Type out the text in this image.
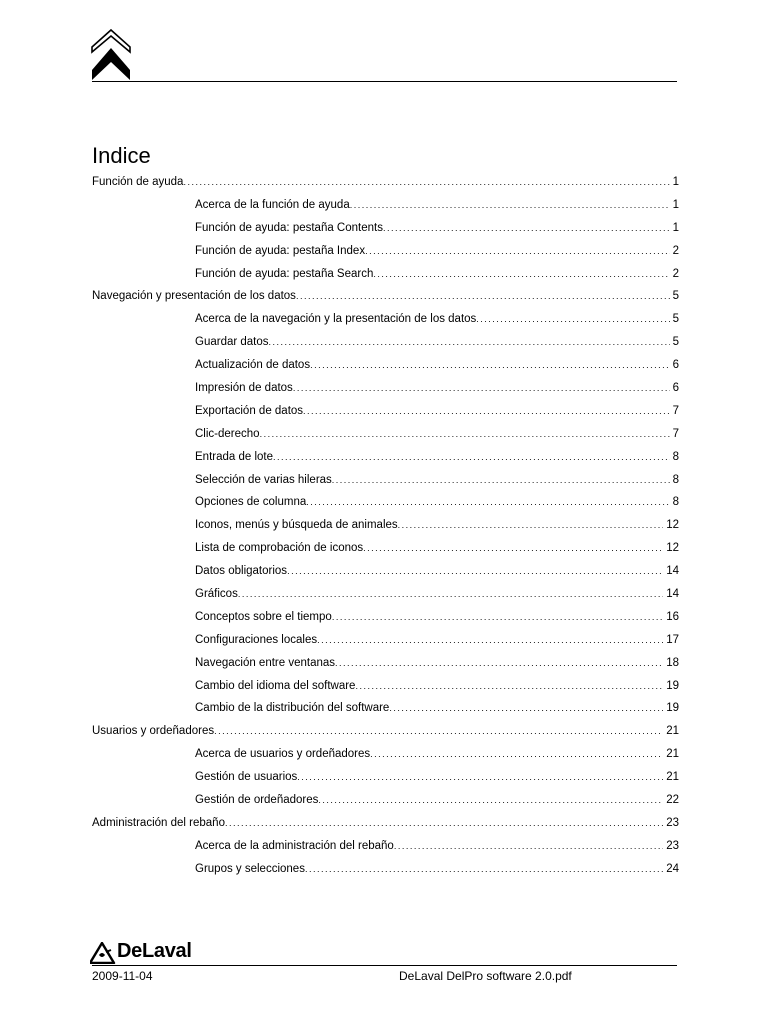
Indice
Función de ayuda . . .	1
Acerca de la función de ayuda . . .	1
Función de ayuda: pestaña Contents . . .	1
Función de ayuda: pestaña Index . . .	2
Función de ayuda: pestaña Search . . .	2
Navegación y presentación de los datos . . .	5
Acerca de la navegación y la presentación de los datos . . .	5
Guardar datos . . .	5
Actualización de datos . . .	6
Impresión de datos . . .	6
Exportación de datos . . .	7
Clic-derecho . . .	7
Entrada de lote . . .	8
Selección de varias hileras . . .	8
Opciones de columna . . .	8
Iconos, menús y búsqueda de animales . . .	12
Lista de comprobación de iconos . . .	12
Datos obligatorios . . .	14
Gráficos . . .	14
Conceptos sobre el tiempo . . .	16
Configuraciones locales . . .	17
Navegación entre ventanas . . .	18
Cambio del idioma del software . . .	19
Cambio de la distribución del software . . .	19
Usuarios y ordeñadores . . .	21
Acerca de usuarios y ordeñadores . . .	21
Gestión de usuarios . . .	21
Gestión de ordeñadores . . .	22
Administración del rebaño . . .	23
Acerca de la administración del rebaño . . .	23
Grupos y selecciones . . .	24
DeLaval
2009-11-04	DeLaval DelPro software 2.0.pdf
